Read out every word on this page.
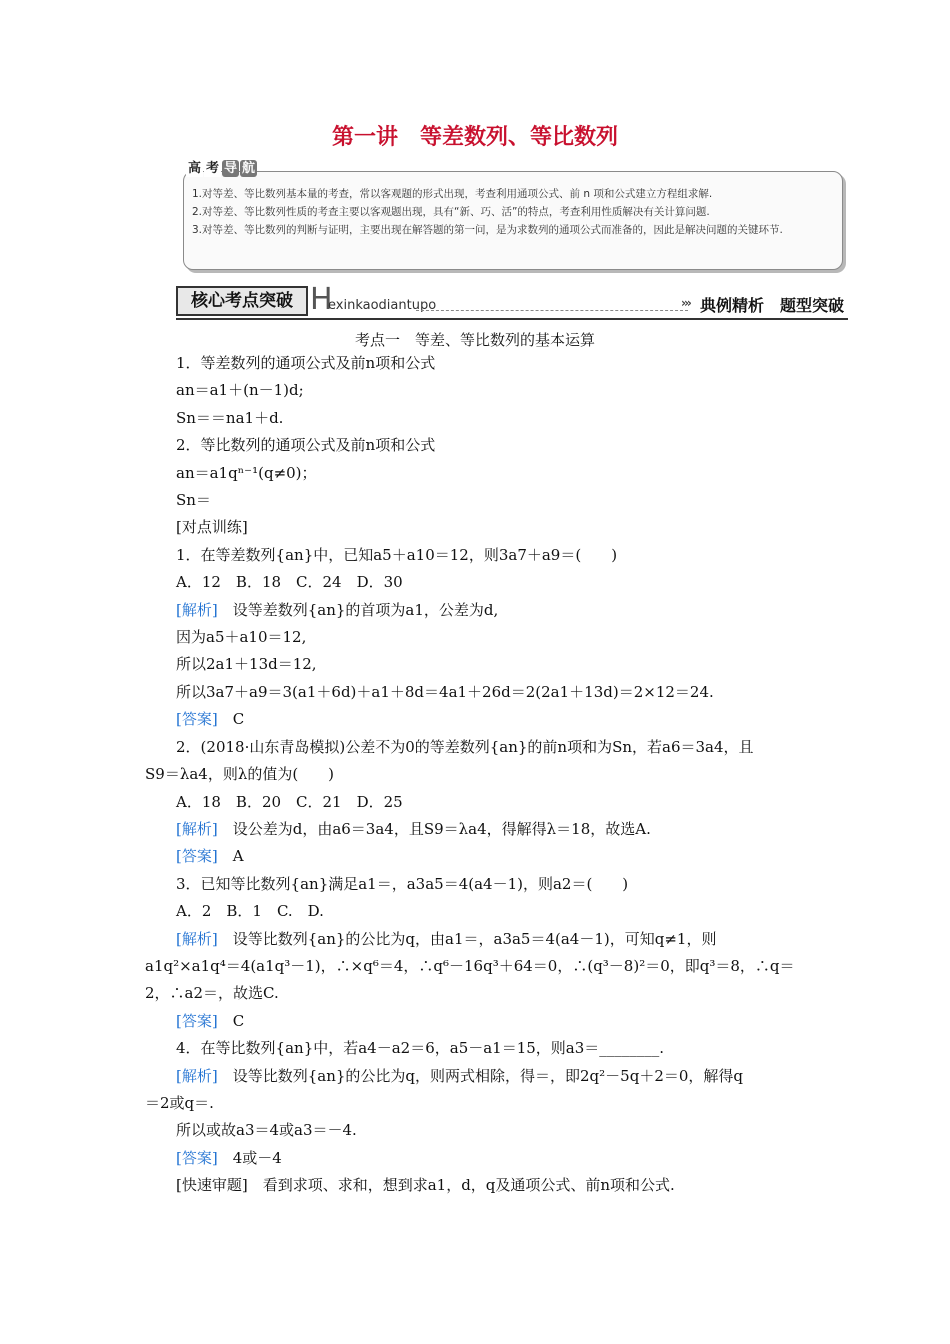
第一讲　等差数列、等比数列
高 考 导 航
1.对等差、等比数列基本量的考查，常以客观题的形式出现，考查利用通项公式、前 n 项和公式建立方程组求解.
2.对等差、等比数列性质的考查主要以客观题出现，具有“新、巧、活”的特点，考查利用性质解决有关计算问题.
3.对等差、等比数列的判断与证明，主要出现在解答题的第一问，是为求数列的通项公式而准备的，因此是解决问题的关键环节.
核心考点突破 H
exinkaodiantupo	››› 典例精析　题型突破
考点一　等差、等比数列的基本运算
1．等差数列的通项公式及前n项和公式
an＝a1＋(n－1)d;
Sn＝＝na1＋d.
2．等比数列的通项公式及前n项和公式
an＝a1qⁿ⁻¹(q≠0)；
Sn＝
[对点训练]
1．在等差数列{an}中，已知a5＋a10＝12，则3a7＋a9＝(　　)
A．12　B．18　C．24　D．30
[解析]　设等差数列{an}的首项为a1，公差为d,
因为a5＋a10＝12,
所以2a1＋13d＝12,
所以3a7＋a9＝3(a1＋6d)＋a1＋8d＝4a1＋26d＝2(2a1＋13d)＝2×12＝24.
[答案]　C
2．(2018·山东青岛模拟)公差不为0的等差数列{an}的前n项和为Sn，若a6＝3a4，且
S9＝λa4，则λ的值为(　　)
A．18　B．20　C．21　D．25
[解析]　设公差为d，由a6＝3a4，且S9＝λa4，得解得λ＝18，故选A.
[答案]　A
3．已知等比数列{an}满足a1＝，a3a5＝4(a4－1)，则a2＝(　　)
A．2　B．1　C.　D.
[解析]　设等比数列{an}的公比为q，由a1＝，a3a5＝4(a4－1)，可知q≠1，则
a1q²×a1q⁴＝4(a1q³－1)，∴×q⁶＝4，∴q⁶－16q³＋64＝0，∴(q³－8)²＝0，即q³＝8，∴q＝
2，∴a2＝，故选C.
[答案]　C
4．在等比数列{an}中，若a4－a2＝6，a5－a1＝15，则a3＝________.
[解析]　设等比数列{an}的公比为q，则两式相除，得＝，即2q²－5q＋2＝0，解得q
＝2或q＝.
所以或故a3＝4或a3＝－4.
[答案]　4或－4
[快速审题]　看到求项、求和，想到求a1，d，q及通项公式、前n项和公式.
